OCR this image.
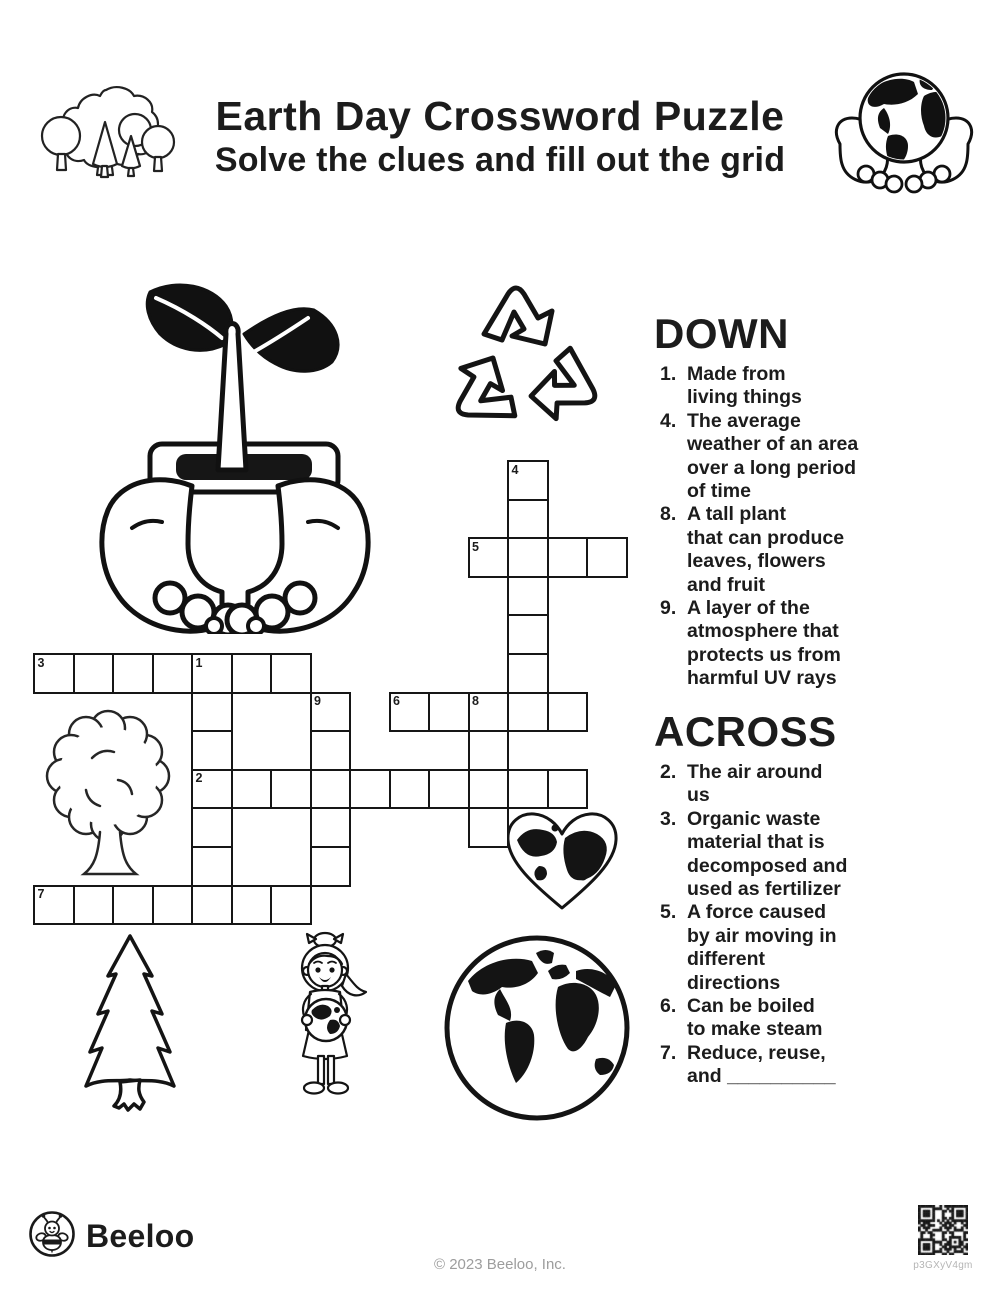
Earth Day Crossword Puzzle
Solve the clues and fill out the grid
3	1
4
5
9	6	8
2
7
DOWN
1. Made from
living things
4. The average
weather of an area
over a long period
of time
8. A tall plant
that can produce
leaves, flowers
and fruit
9. A layer of the
atmosphere that
protects us from
harmful UV rays
ACROSS
2. The air around
us
3. Organic waste
material that is
decomposed and
used as fertilizer
5. A force caused
by air moving in
different
directions
6. Can be boiled
to make steam
7. Reduce, reuse,
and __________
Beeloo
© 2023 Beeloo, Inc.	p3GXyV4gm
